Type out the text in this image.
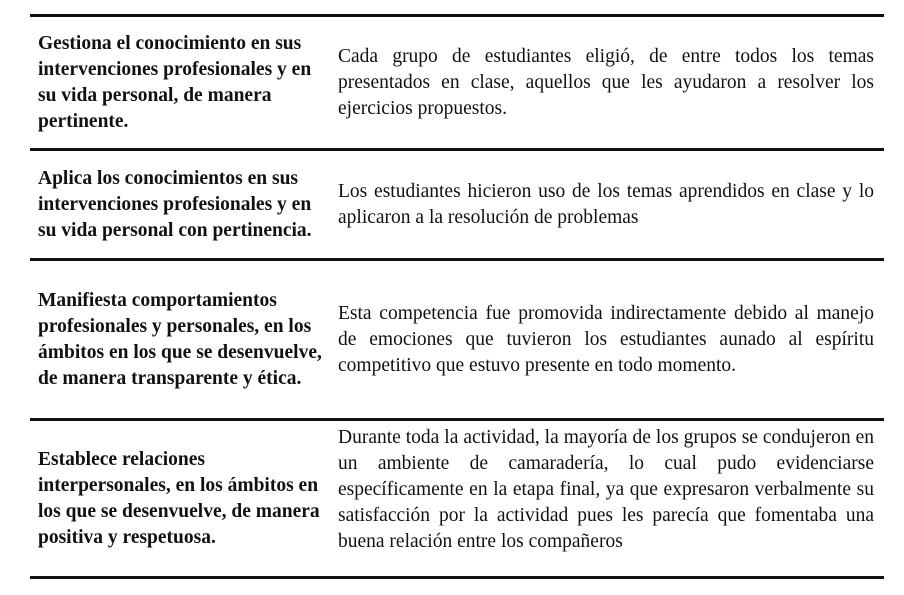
Gestiona el conocimiento en sus intervenciones profesionales y en su vida personal, de manera pertinente.
Cada grupo de estudiantes eligió, de entre todos los temas presentados en clase, aquellos que les ayudaron a resolver los ejercicios propuestos.
Aplica los conocimientos en sus intervenciones profesionales y en su vida personal con pertinencia.
Los estudiantes hicieron uso de los temas aprendidos en clase y lo aplicaron a la resolución de problemas
Manifiesta comportamientos profesionales y personales, en los ámbitos en los que se desenvuelve, de manera transparente y ética.
Esta competencia fue promovida indirectamente debido al manejo de emociones que tuvieron los estudiantes aunado al espíritu competitivo que estuvo presente en todo momento.
Establece relaciones interpersonales, en los ámbitos en los que se desenvuelve, de manera positiva y respetuosa.
Durante toda la actividad, la mayoría de los grupos se condujeron en un ambiente de camaradería, lo cual pudo evidenciarse específicamente en la etapa final, ya que expresaron verbalmente su satisfacción por la actividad pues les parecía que fomentaba una buena relación entre los compañeros
